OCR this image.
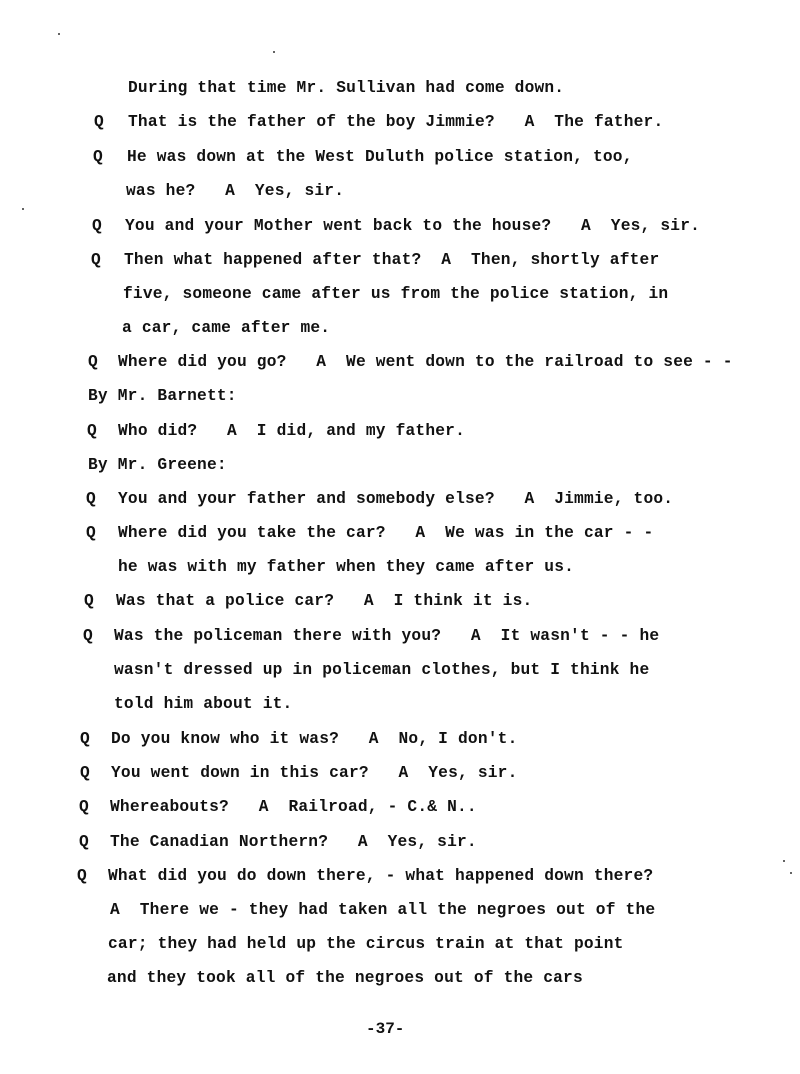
During that time Mr. Sullivan had come down.
Q That is the father of the boy Jimmie?   A  The father.
Q He was down at the West Duluth police station, too,
was he?   A  Yes, sir.
Q You and your Mother went back to the house?   A  Yes, sir.
Q Then what happened after that?  A  Then, shortly after
five, someone came after us from the police station, in
a car, came after me.
Q Where did you go?   A  We went down to the railroad to see - -
By Mr. Barnett:
Q Who did?   A  I did, and my father.
By Mr. Greene:
Q You and your father and somebody else?   A  Jimmie, too.
Q Where did you take the car?   A  We was in the car - -
he was with my father when they came after us.
Q Was that a police car?   A  I think it is.
Q Was the policeman there with you?   A  It wasn't - - he
wasn't dressed up in policeman clothes, but I think he
told him about it.
Q Do you know who it was?   A  No, I don't.
Q You went down in this car?   A  Yes, sir.
Q Whereabouts?   A  Railroad, - C.& N..
Q The Canadian Northern?   A  Yes, sir.
Q What did you do down there, - what happened down there?
A  There we - they had taken all the negroes out of the
car; they had held up the circus train at that point
and they took all of the negroes out of the cars
-37-
